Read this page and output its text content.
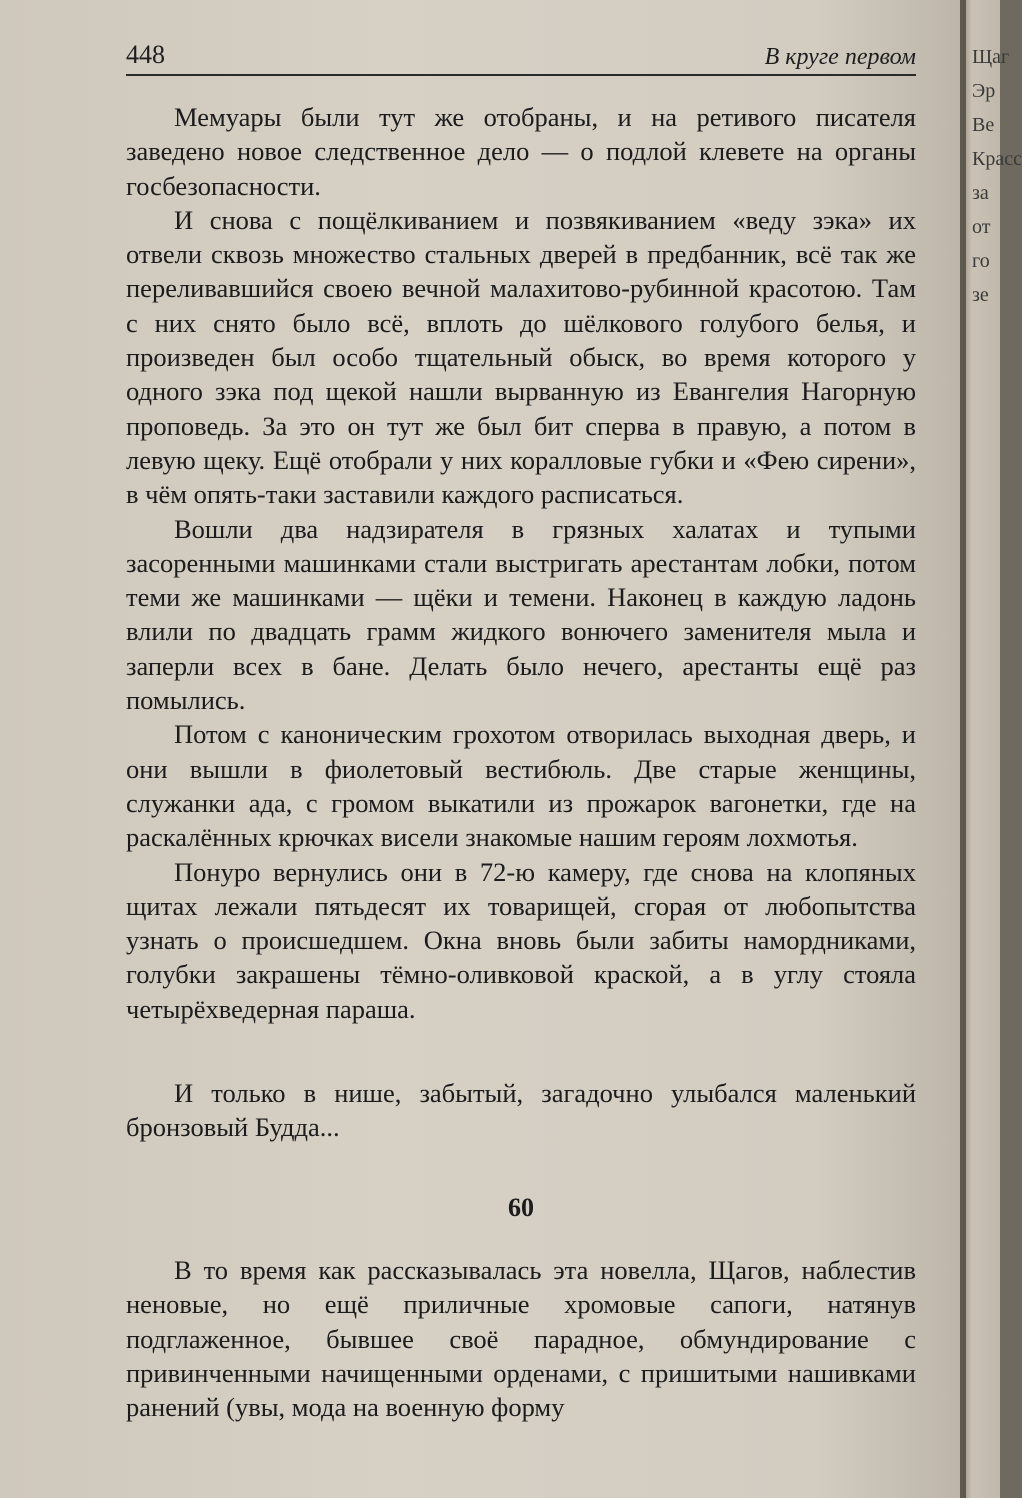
448	В круге первом

Мемуары были тут же отобраны, и на ретивого писателя заведено новое следственное дело — о подлой клевете на органы госбезопасности.

И снова с пощёлкиванием и позвякиванием «веду зэка» их отвели сквозь множество стальных дверей в предбанник, всё так же переливавшийся своею вечной малахитово-рубинной красотою. Там с них снято было всё, вплоть до шёлкового голубого белья, и произведен был особо тщательный обыск, во время которого у одного зэка под щекой нашли вырванную из Евангелия Нагорную проповедь. За это он тут же был бит сперва в правую, а потом в левую щеку. Ещё отобрали у них коралловые губки и «Фею сирени», в чём опять-таки заставили каждого расписаться.

Вошли два надзирателя в грязных халатах и тупыми засоренными машинками стали выстригать арестантам лобки, потом теми же машинками — щёки и темени. Наконец в каждую ладонь влили по двадцать грамм жидкого вонючего заменителя мыла и заперли всех в бане. Делать было нечего, арестанты ещё раз помылись.

Потом с каноническим грохотом отворилась выходная дверь, и они вышли в фиолетовый вестибюль. Две старые женщины, служанки ада, с громом выкатили из прожарок вагонетки, где на раскалённых крючках висели знакомые нашим героям лохмотья.

Понуро вернулись они в 72-ю камеру, где снова на клопяных щитах лежали пятьдесят их товарищей, сгорая от любопытства узнать о происшедшем. Окна вновь были забиты намордниками, голубки закрашены тёмно-оливковой краской, а в углу стояла четырёхведерная параша.

И только в нише, забытый, загадочно улыбался маленький бронзовый Будда...

60

В то время как рассказывалась эта новелла, Щагов, наблестив неновые, но ещё приличные хромовые сапоги, натянув подглаженное, бывшее своё парадное, обмундирование с привинченными начищенными орденами, с пришитыми нашивками ранений (увы, мода на военную форму

Щаг
Эр
Ве
Красс
за
от
го
зе
